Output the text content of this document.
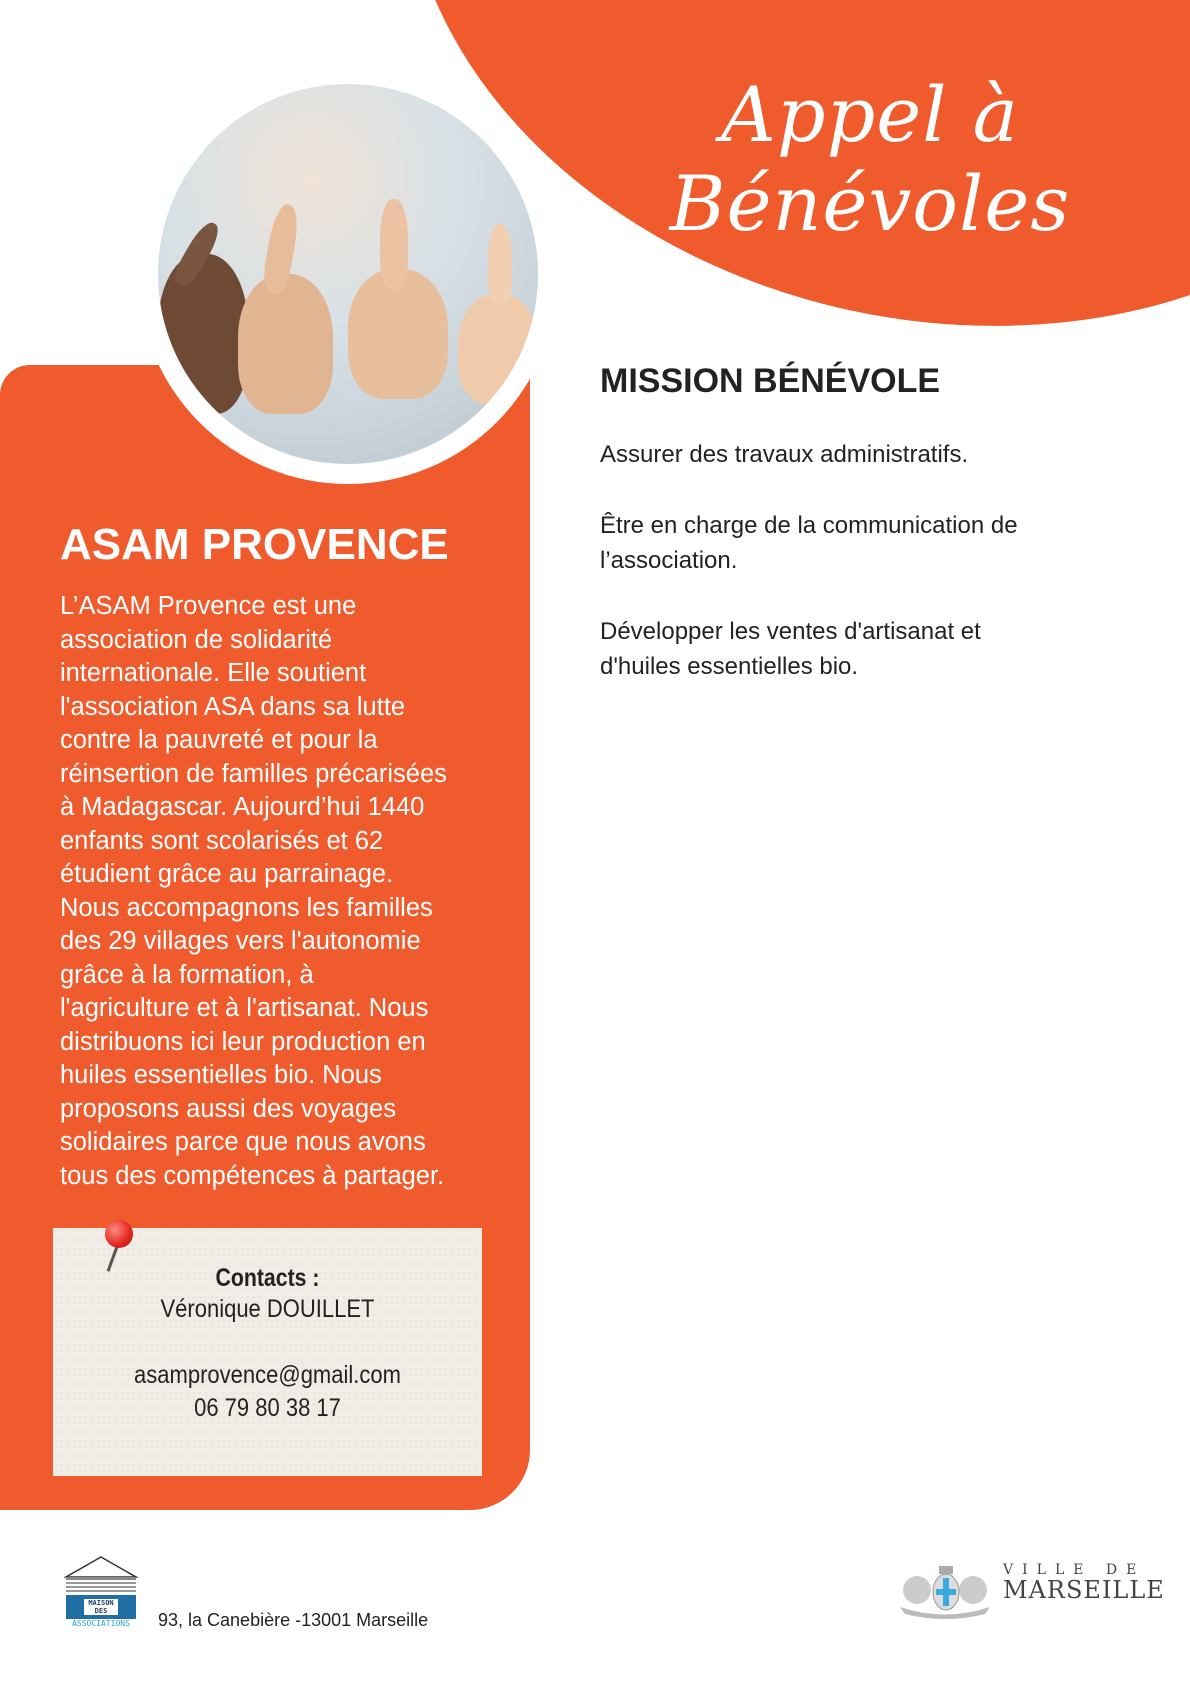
Appel à Bénévoles
ASAM PROVENCE
L’ASAM Provence est une
association de solidarité
internationale. Elle soutient
l'association ASA dans sa lutte
contre la pauvreté et pour la
réinsertion de familles précarisées
à Madagascar. Aujourd’hui 1440
enfants sont scolarisés et 62
étudient grâce au parrainage.
Nous accompagnons les familles
des 29 villages vers l'autonomie
grâce à la formation, à
l'agriculture et à l'artisanat. Nous
distribuons ici leur production en
huiles essentielles bio. Nous
proposons aussi des voyages
solidaires parce que nous avons
tous des compétences à partager.
Contacts :
Véronique DOUILLET
asamprovence@gmail.com
06 79 80 38 17
MISSION BÉNÉVOLE

Assurer des travaux administratifs.

Être en charge de la communication de l’association.

Développer les ventes d'artisanat et d'huiles essentielles bio.

MAISON
DES
ASSOCIATIONS	93, la Canebière -13001 Marseille
VILLE DE
MARSEILLE
